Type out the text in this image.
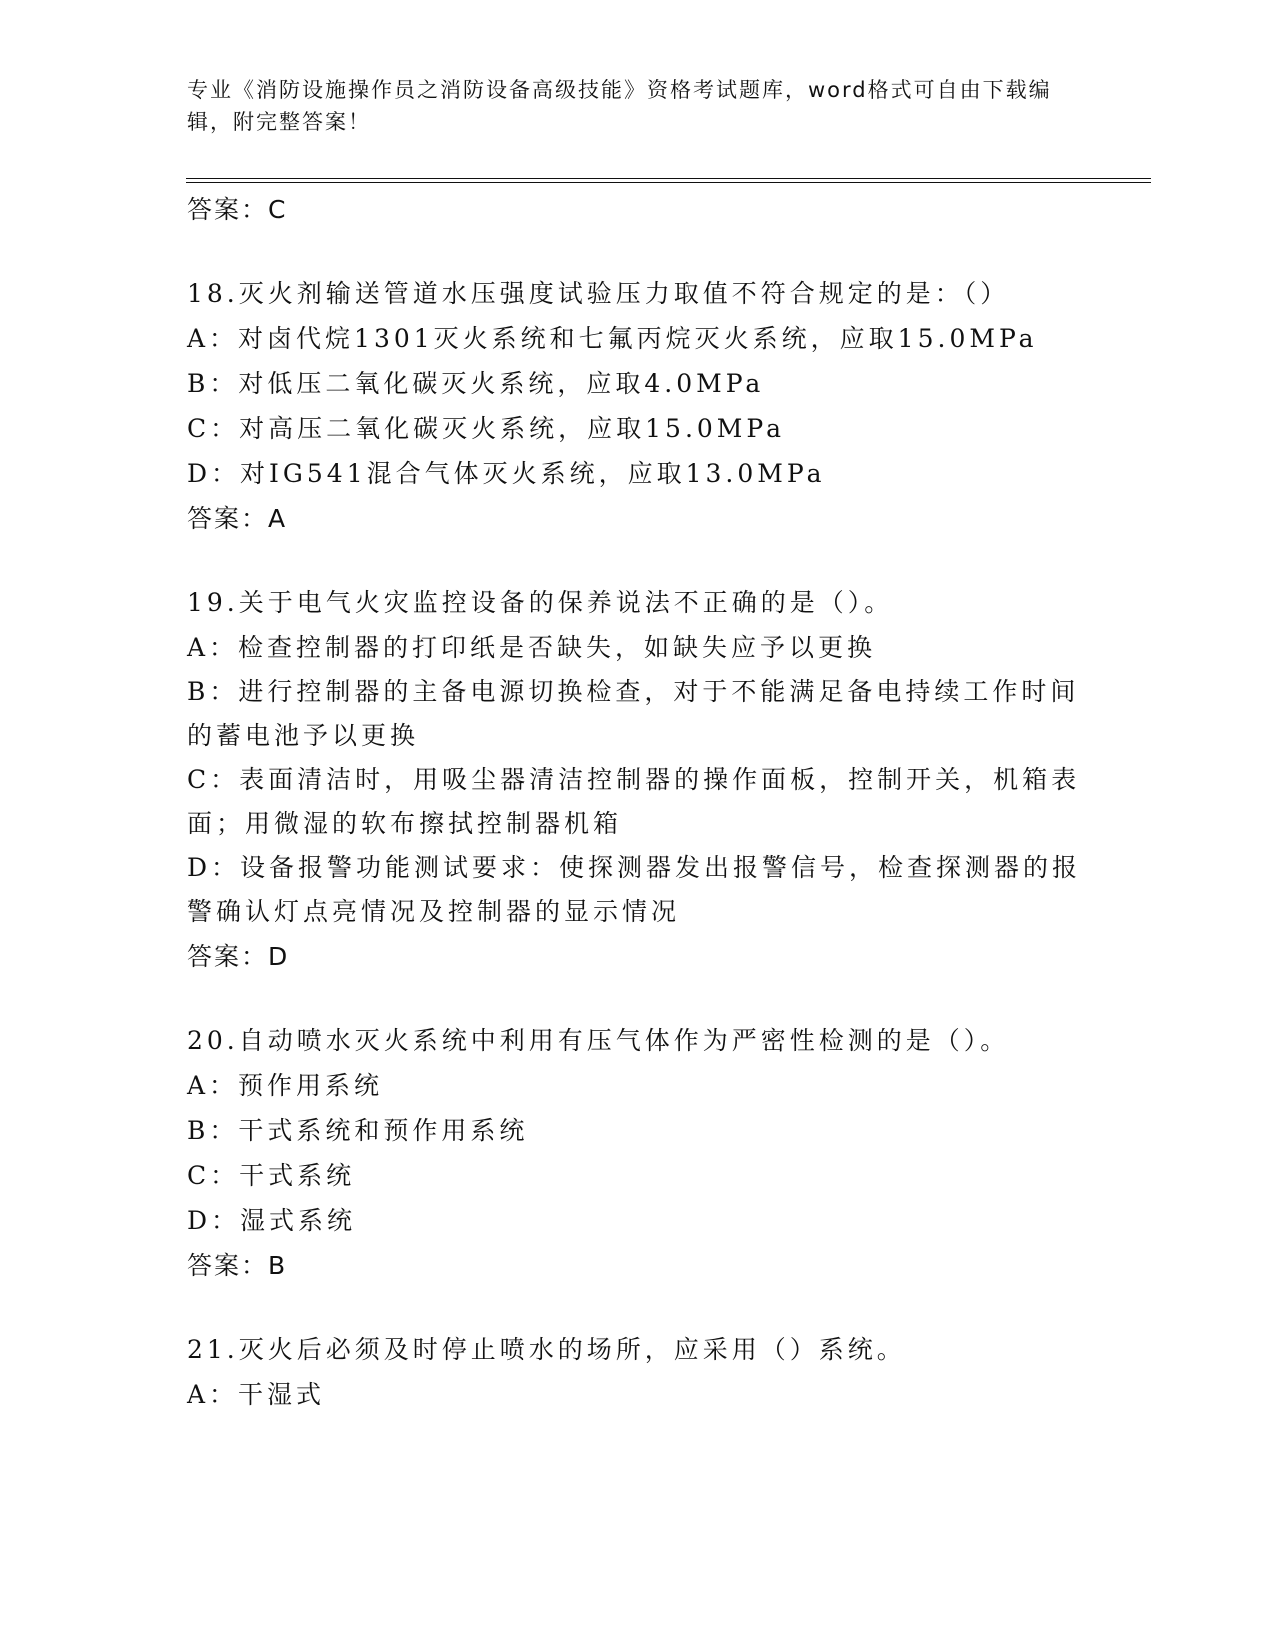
专业《消防设施操作员之消防设备高级技能》资格考试题库，word格式可自由下载编辑，附完整答案！
答案：C

18.灭火剂输送管道水压强度试验压力取值不符合规定的是：（）

A：对卤代烷1301灭火系统和七氟丙烷灭火系统，应取15.0MPa

B：对低压二氧化碳灭火系统，应取4.0MPa

C：对高压二氧化碳灭火系统，应取15.0MPa

D：对IG541混合气体灭火系统，应取13.0MPa

答案：A

19.关于电气火灾监控设备的保养说法不正确的是（）。

A：检查控制器的打印纸是否缺失，如缺失应予以更换

B：进行控制器的主备电源切换检查，对于不能满足备电持续工作时间的蓄电池予以更换

C：表面清洁时，用吸尘器清洁控制器的操作面板，控制开关，机箱表面；用微湿的软布擦拭控制器机箱

D：设备报警功能测试要求：使探测器发出报警信号，检查探测器的报警确认灯点亮情况及控制器的显示情况

答案：D

20.自动喷水灭火系统中利用有压气体作为严密性检测的是（）。

A：预作用系统

B：干式系统和预作用系统

C：干式系统

D：湿式系统

答案：B

21.灭火后必须及时停止喷水的场所，应采用（）系统。

A：干湿式
